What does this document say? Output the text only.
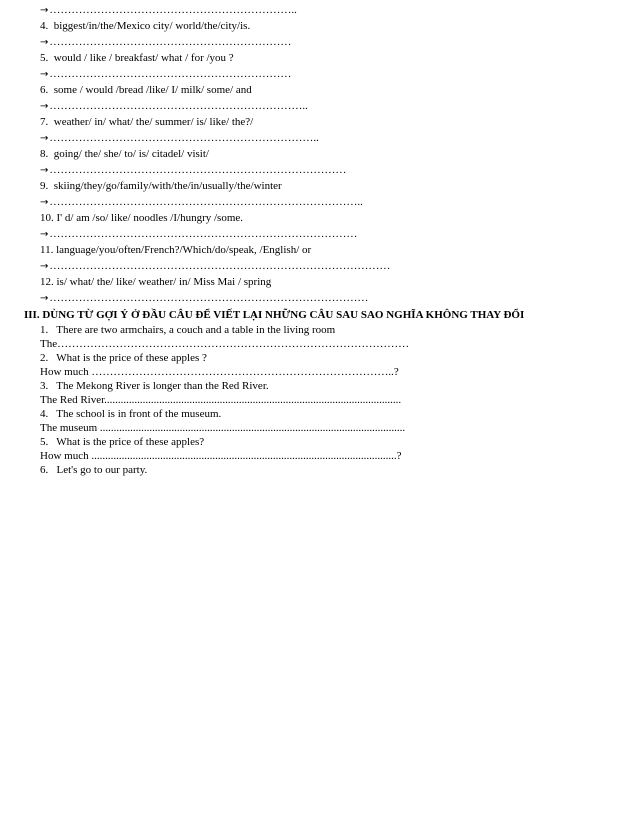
→…………………………………………………………..
4.  biggest/in/the/Mexico city/ world/the/city/is.
→…………………………………………………………
5.  would / like / breakfast/ what / for /you ?
→…………………………………………………………
6.  some / would /bread /like/ I/ milk/ some/ and
→……………………………………………………………..
7.  weather/ in/ what/ the/ summer/ is/ like/ the?/
→………………………………………………………………..
8.  going/ the/ she/ to/ is/ citadel/ visit/
→………………………………………………………………………
9.  skiing/they/go/family/with/the/in/usually/the/winter
→…………………………………………………………………………..
10. I' d/ am /so/ like/ noodles /I/hungry /some.
→…………………………………………………………………………
11. language/you/often/French?/Which/do/speak, /English/ or
→…………………………………………………………………………………
12. is/ what/ the/ like/ weather/ in/ Miss Mai / spring
→……………………………………………………………………………
III. DÙNG TỪ GỢI Ý Ở ĐẦU CÂU ĐỂ VIẾT LẠI NHỮNG CÂU SAU SAO NGHĨA KHÔNG THAY ĐỔI
1.   There are two armchairs, a couch and a table in the living room
The……………………………………………………………………………………
2.   What is the price of these apples ?
How much ………………………………………………………………………..?
3.   The Mekong River is longer than the Red River.
The Red River............................................................................................................
4.   The school is in front of the museum.
The museum ...............................................................................................................
5.   What is the price of these apples?
How much ...............................................................................................................?
6.   Let's go to our party.
